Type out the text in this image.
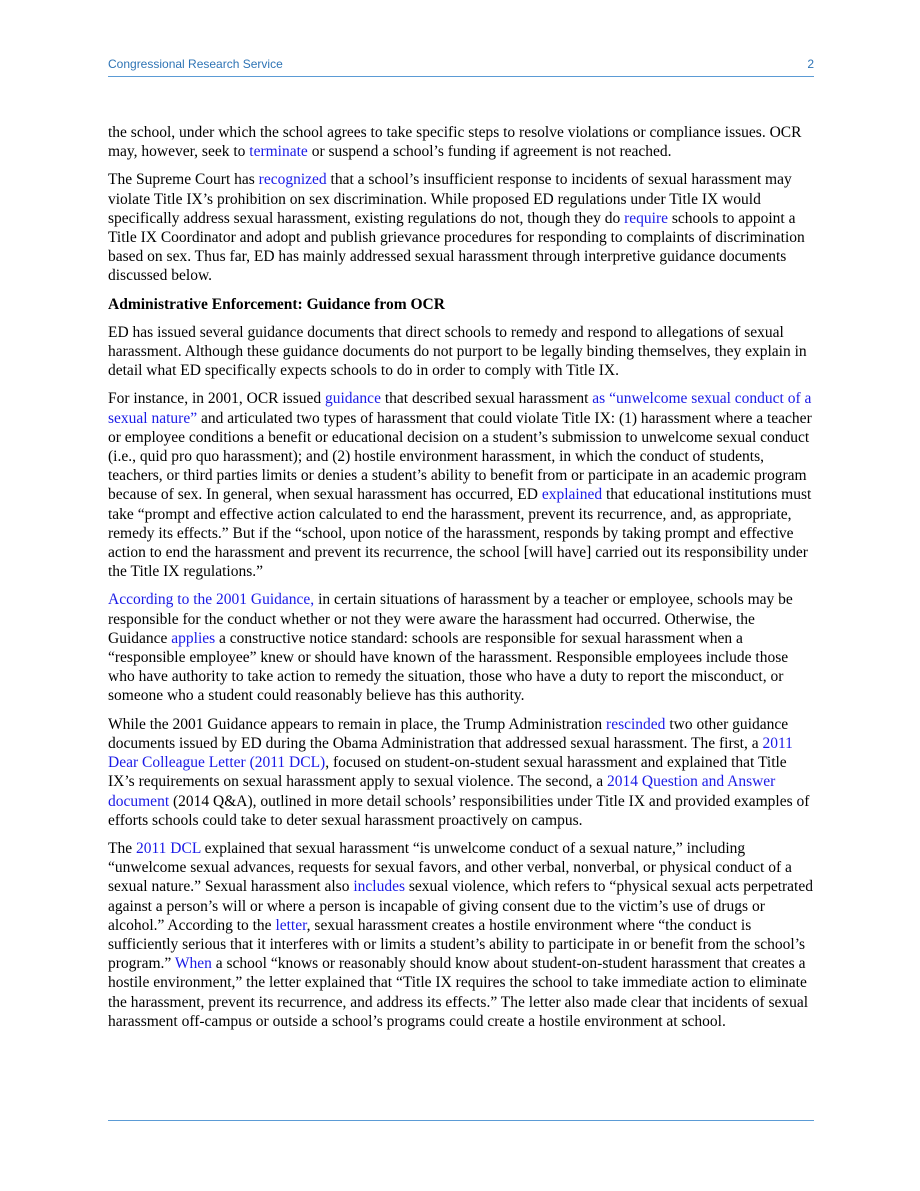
Congressional Research Service	2

the school, under which the school agrees to take specific steps to resolve violations or compliance issues. OCR may, however, seek to terminate or suspend a school’s funding if agreement is not reached.

The Supreme Court has recognized that a school’s insufficient response to incidents of sexual harassment may violate Title IX’s prohibition on sex discrimination. While proposed ED regulations under Title IX would specifically address sexual harassment, existing regulations do not, though they do require schools to appoint a Title IX Coordinator and adopt and publish grievance procedures for responding to complaints of discrimination based on sex. Thus far, ED has mainly addressed sexual harassment through interpretive guidance documents discussed below.

Administrative Enforcement: Guidance from OCR

ED has issued several guidance documents that direct schools to remedy and respond to allegations of sexual harassment. Although these guidance documents do not purport to be legally binding themselves, they explain in detail what ED specifically expects schools to do in order to comply with Title IX.

For instance, in 2001, OCR issued guidance that described sexual harassment as “unwelcome sexual conduct of a sexual nature” and articulated two types of harassment that could violate Title IX: (1) harassment where a teacher or employee conditions a benefit or educational decision on a student’s submission to unwelcome sexual conduct (i.e., quid pro quo harassment); and (2) hostile environment harassment, in which the conduct of students, teachers, or third parties limits or denies a student’s ability to benefit from or participate in an academic program because of sex. In general, when sexual harassment has occurred, ED explained that educational institutions must take “prompt and effective action calculated to end the harassment, prevent its recurrence, and, as appropriate, remedy its effects.” But if the “school, upon notice of the harassment, responds by taking prompt and effective action to end the harassment and prevent its recurrence, the school [will have] carried out its responsibility under the Title IX regulations.”

According to the 2001 Guidance, in certain situations of harassment by a teacher or employee, schools may be responsible for the conduct whether or not they were aware the harassment had occurred. Otherwise, the Guidance applies a constructive notice standard: schools are responsible for sexual harassment when a “responsible employee” knew or should have known of the harassment. Responsible employees include those who have authority to take action to remedy the situation, those who have a duty to report the misconduct, or someone who a student could reasonably believe has this authority.

While the 2001 Guidance appears to remain in place, the Trump Administration rescinded two other guidance documents issued by ED during the Obama Administration that addressed sexual harassment. The first, a 2011 Dear Colleague Letter (2011 DCL), focused on student-on-student sexual harassment and explained that Title IX’s requirements on sexual harassment apply to sexual violence. The second, a 2014 Question and Answer document (2014 Q&A), outlined in more detail schools’ responsibilities under Title IX and provided examples of efforts schools could take to deter sexual harassment proactively on campus.

The 2011 DCL explained that sexual harassment “is unwelcome conduct of a sexual nature,” including “unwelcome sexual advances, requests for sexual favors, and other verbal, nonverbal, or physical conduct of a sexual nature.” Sexual harassment also includes sexual violence, which refers to “physical sexual acts perpetrated against a person’s will or where a person is incapable of giving consent due to the victim’s use of drugs or alcohol.” According to the letter, sexual harassment creates a hostile environment where “the conduct is sufficiently serious that it interferes with or limits a student’s ability to participate in or benefit from the school’s program.” When a school “knows or reasonably should know about student-on-student harassment that creates a hostile environment,” the letter explained that “Title IX requires the school to take immediate action to eliminate the harassment, prevent its recurrence, and address its effects.” The letter also made clear that incidents of sexual harassment off-campus or outside a school’s programs could create a hostile environment at school.
